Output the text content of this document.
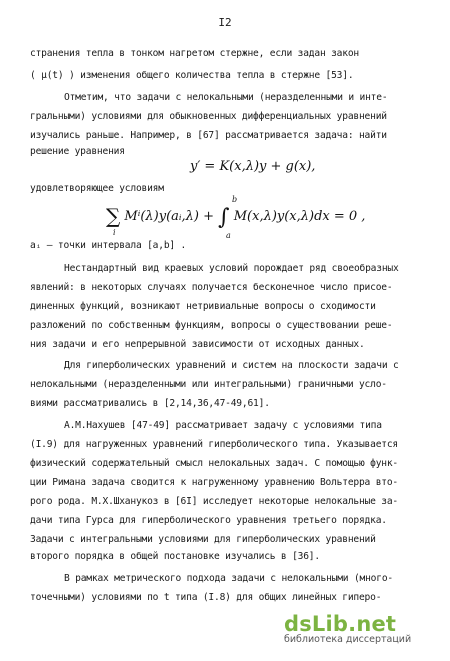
I2
странения тепла в тонком нагретом стержне, если задан закон
( μ(t) ) изменения общего количества тепла в стержне [53].
Отметим, что задачи с нелокальными (неразделенными и инте-
гральными) условиями для обыкновенных дифференциальных уравнений
изучались раньше. Например, в [67] рассматривается задача: найти
решение уравнения
y′ = K(x,λ)y + g(x),
удовлетворяющее условиям
∑ Mⁱ(λ)y(aᵢ,λ) + ∫ M(x,λ)y(x,λ)dx = 0 ,
i
b
a
aᵢ – точки интервала [a,b] .
Нестандартный вид краевых условий порождает ряд своеобразных
явлений: в некоторых случаях получается бесконечное число присое-
диненных функций, возникают нетривиальные вопросы о сходимости
разложений по собственным функциям, вопросы о существовании реше-
ния задачи и его непрерывной зависимости от исходных данных.
Для гиперболических уравнений и систем на плоскости задачи с
нелокальными (неразделенными или интегральными) граничными усло-
виями рассматривались в [2,14,36,47-49,61].
А.М.Нахушев [47-49] рассматривает задачу с условиями типа
(I.9) для нагруженных уравнений гиперболического типа. Указывается
физический содержательный смысл нелокальных задач. С помощью функ-
ции Римана задача сводится к нагруженному уравнению Вольтерра вто-
рого рода. М.Х.Шханукоз в [6I] исследует некоторые нелокальные за-
дачи типа Гурса для гиперболического уравнения третьего порядка.
Задачи с интегральными условиями для гиперболических уравнений
второго порядка в общей постановке изучались в [36].
В рамках метрического подхода задачи с нелокальными (много-
точечными) условиями по t типа (I.8) для общих линейных гиперо-
dsLib.net
библиотека диссертаций
